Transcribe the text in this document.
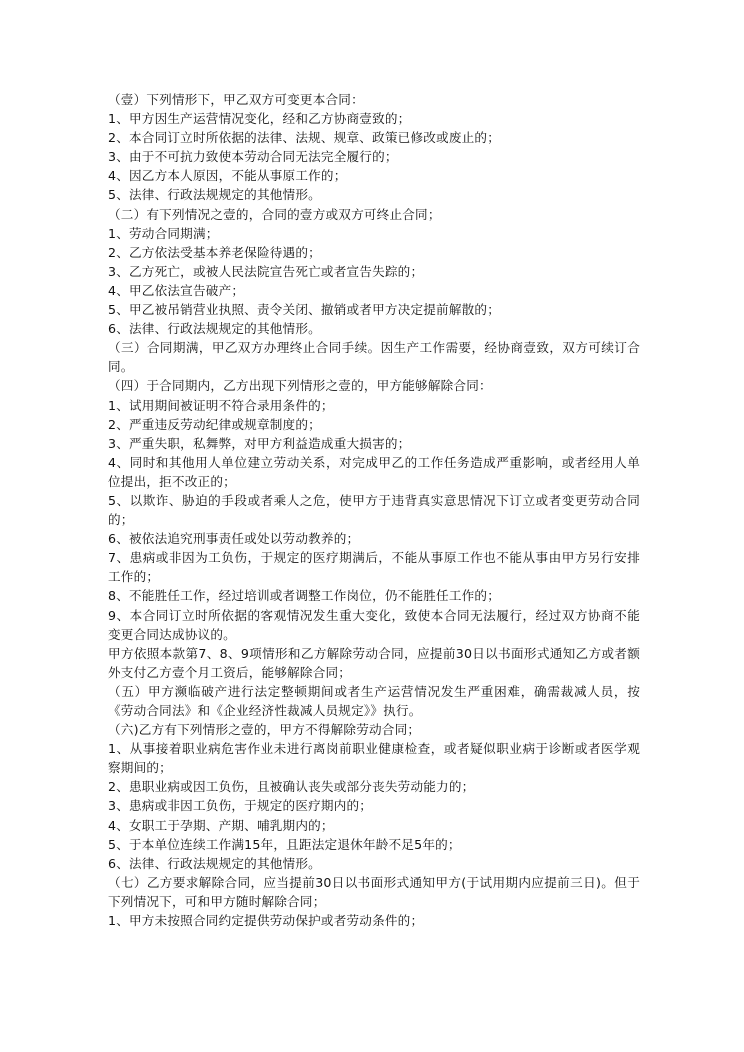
（壹）下列情形下，甲乙双方可变更本合同：
1、甲方因生产运营情况变化，经和乙方协商壹致的；
2、本合同订立时所依据的法律、法规、规章、政策已修改或废止的；
3、由于不可抗力致使本劳动合同无法完全履行的；
4、因乙方本人原因，不能从事原工作的；
5、法律、行政法规规定的其他情形。
（二）有下列情况之壹的，合同的壹方或双方可终止合同；
1、劳动合同期满；
2、乙方依法受基本养老保险待遇的；
3、乙方死亡，或被人民法院宣告死亡或者宣告失踪的；
4、甲乙依法宣告破产；
5、甲乙被吊销营业执照、责令关闭、撤销或者甲方决定提前解散的；
6、法律、行政法规规定的其他情形。
（三）合同期满，甲乙双方办理终止合同手续。因生产工作需要，经协商壹致，双方可续订合同。
（四）于合同期内，乙方出现下列情形之壹的，甲方能够解除合同：
1、试用期间被证明不符合录用条件的；
2、严重违反劳动纪律或规章制度的；
3、严重失职，私舞弊，对甲方利益造成重大损害的；
4、同时和其他用人单位建立劳动关系，对完成甲乙的工作任务造成严重影响，或者经用人单位提出，拒不改正的；
5、以欺诈、胁迫的手段或者乘人之危，使甲方于违背真实意思情况下订立或者变更劳动合同的；
6、被依法追究刑事责任或处以劳动教养的；
7、患病或非因为工负伤，于规定的医疗期满后，不能从事原工作也不能从事由甲方另行安排工作的；
8、不能胜任工作，经过培训或者调整工作岗位，仍不能胜任工作的；
9、本合同订立时所依据的客观情况发生重大变化，致使本合同无法履行，经过双方协商不能变更合同达成协议的。
甲方依照本款第7、8、9项情形和乙方解除劳动合同，应提前30日以书面形式通知乙方或者额外支付乙方壹个月工资后，能够解除合同；
（五）甲方濒临破产进行法定整顿期间或者生产运营情况发生严重困难，确需裁减人员，按《劳动合同法》和《企业经济性裁减人员规定》》执行。
（六)乙方有下列情形之壹的，甲方不得解除劳动合同；
1、从事接着职业病危害作业未进行离岗前职业健康检查，或者疑似职业病于诊断或者医学观察期间的；
2、患职业病或因工负伤，且被确认丧失或部分丧失劳动能力的；
3、患病或非因工负伤，于规定的医疗期内的；
4、女职工于孕期、产期、哺乳期内的；
5、于本单位连续工作满15年，且距法定退休年龄不足5年的；
6、法律、行政法规规定的其他情形。
（七）乙方要求解除合同，应当提前30日以书面形式通知甲方(于试用期内应提前三日)。但于下列情况下，可和甲方随时解除合同；
1、甲方未按照合同约定提供劳动保护或者劳动条件的；
